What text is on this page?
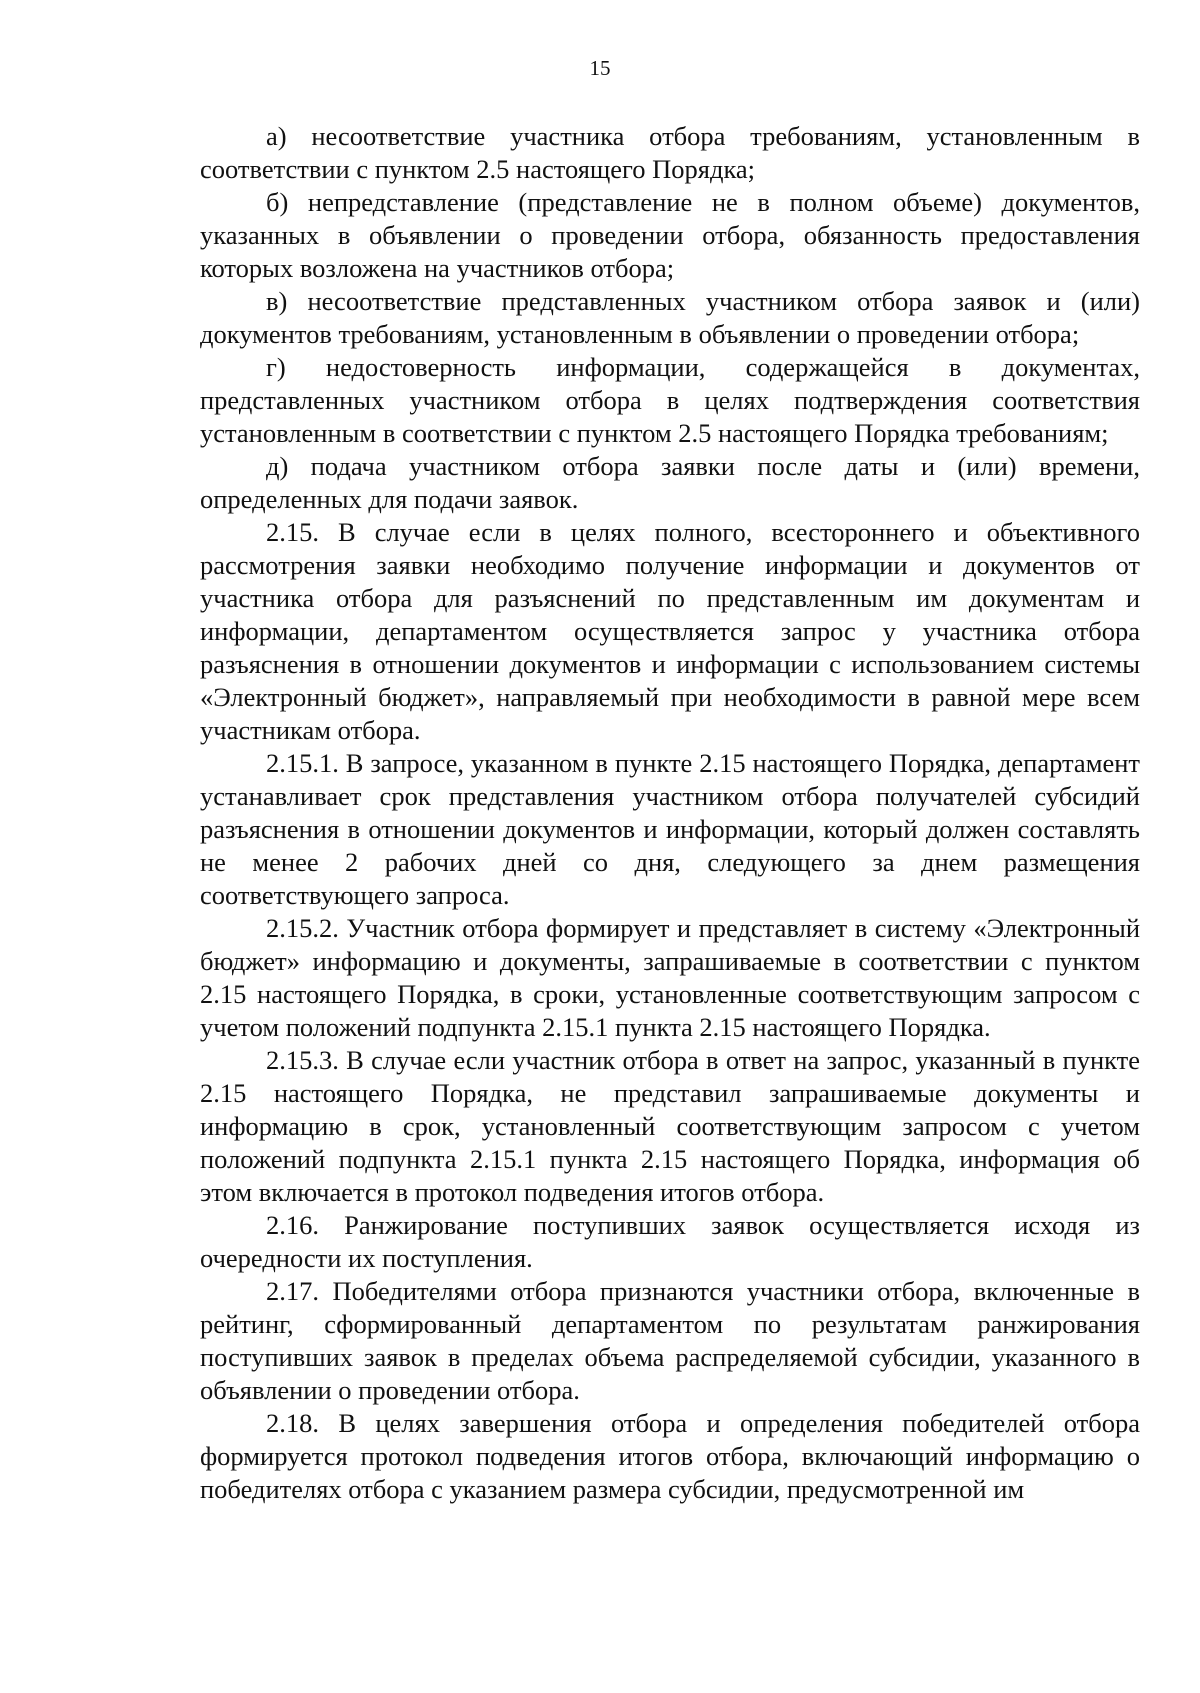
15

а) несоответствие участника отбора требованиям, установленным в соответствии с пунктом 2.5 настоящего Порядка;

б) непредставление (представление не в полном объеме) документов, указанных в объявлении о проведении отбора, обязанность предоставления которых возложена на участников отбора;

в) несоответствие представленных участником отбора заявок и (или) документов требованиям, установленным в объявлении о проведении отбора;

г) недостоверность информации, содержащейся в документах, представленных участником отбора в целях подтверждения соответствия установленным в соответствии с пунктом 2.5 настоящего Порядка требованиям;

д) подача участником отбора заявки после даты и (или) времени, определенных для подачи заявок.

2.15. В случае если в целях полного, всестороннего и объективного рассмотрения заявки необходимо получение информации и документов от участника отбора для разъяснений по представленным им документам и информации, департаментом осуществляется запрос у участника отбора разъяснения в отношении документов и информации с использованием системы «Электронный бюджет», направляемый при необходимости в равной мере всем участникам отбора.

2.15.1. В запросе, указанном в пункте 2.15 настоящего Порядка, департамент устанавливает срок представления участником отбора получателей субсидий разъяснения в отношении документов и информации, который должен составлять не менее 2 рабочих дней со дня, следующего за днем размещения соответствующего запроса.

2.15.2. Участник отбора формирует и представляет в систему «Электронный бюджет» информацию и документы, запрашиваемые в соответствии с пунктом 2.15 настоящего Порядка, в сроки, установленные соответствующим запросом с учетом положений подпункта 2.15.1 пункта 2.15 настоящего Порядка.

2.15.3. В случае если участник отбора в ответ на запрос, указанный в пункте 2.15 настоящего Порядка, не представил запрашиваемые документы и информацию в срок, установленный соответствующим запросом с учетом положений подпункта 2.15.1 пункта 2.15 настоящего Порядка, информация об этом включается в протокол подведения итогов отбора.

2.16. Ранжирование поступивших заявок осуществляется исходя из очередности их поступления.

2.17. Победителями отбора признаются участники отбора, включенные в рейтинг, сформированный департаментом по результатам ранжирования поступивших заявок в пределах объема распределяемой субсидии, указанного в объявлении о проведении отбора.

2.18. В целях завершения отбора и определения победителей отбора формируется протокол подведения итогов отбора, включающий информацию о победителях отбора с указанием размера субсидии, предусмотренной им
